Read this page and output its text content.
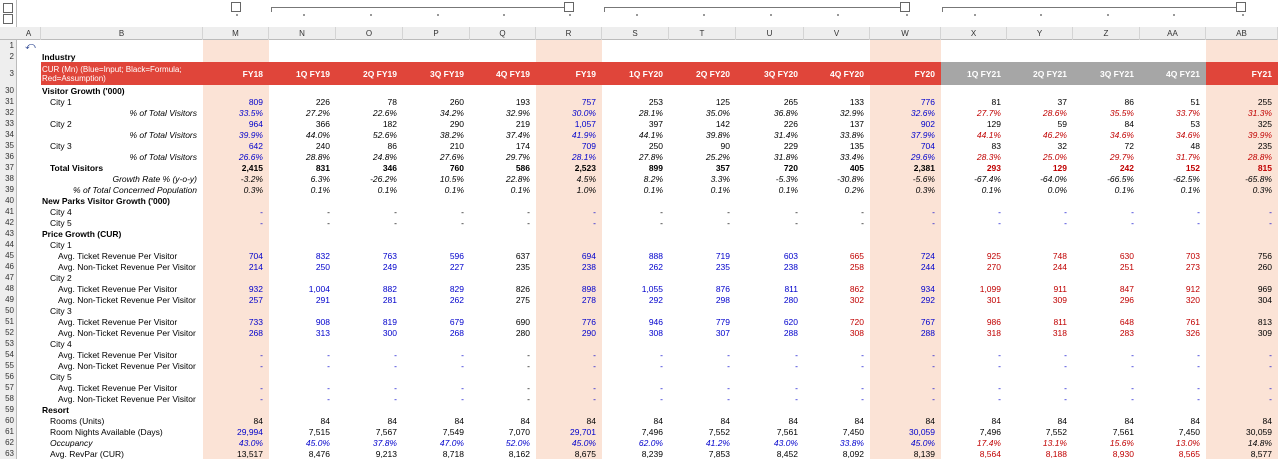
A	B	M	N	O	P	Q	R	S	T	U	V	W	X	Y	Z	AA	AB
1	⤺
2	Industry
3	CUR (Mn) (Blue=Input; Black=Formula; Red=Assumption)	FY18	1Q FY19	2Q FY19	3Q FY19	4Q FY19	FY19	1Q FY20	2Q FY20	3Q FY20	4Q FY20	FY20	1Q FY21	2Q FY21	3Q FY21	4Q FY21	FY21
30	Visitor Growth ('000)
31	City 1	809	226	78	260	193	757	253	125	265	133	776	81	37	86	51	255
32	% of Total Visitors	33.5%	27.2%	22.6%	34.2%	32.9%	30.0%	28.1%	35.0%	36.8%	32.9%	32.6%	27.7%	28.6%	35.5%	33.7%	31.3%
33	City 2	964	366	182	290	219	1,057	397	142	226	137	902	129	59	84	53	325
34	% of Total Visitors	39.9%	44.0%	52.6%	38.2%	37.4%	41.9%	44.1%	39.8%	31.4%	33.8%	37.9%	44.1%	46.2%	34.6%	34.6%	39.9%
35	City 3	642	240	86	210	174	709	250	90	229	135	704	83	32	72	48	235
36	% of Total Visitors	26.6%	28.8%	24.8%	27.6%	29.7%	28.1%	27.8%	25.2%	31.8%	33.4%	29.6%	28.3%	25.0%	29.7%	31.7%	28.8%
37	Total Visitors	2,415	831	346	760	586	2,523	899	357	720	405	2,381	293	129	242	152	815
38	Growth Rate % (y-o-y)	-3.2%	6.3%	-26.2%	10.5%	22.8%	4.5%	8.2%	3.3%	-5.3%	-30.8%	-5.6%	-67.4%	-64.0%	-66.5%	-62.5%	-65.8%
39	% of Total Concerned Population	0.3%	0.1%	0.1%	0.1%	0.1%	1.0%	0.1%	0.1%	0.1%	0.2%	0.3%	0.1%	0.0%	0.1%	0.1%	0.3%
40	New Parks Visitor Growth ('000)
41	City 4	-	-	-	-	-	-	-	-	-	-	-	-	-	-	-	-
42	City 5	-	-	-	-	-	-	-	-	-	-	-	-	-	-	-	-
43	Price Growth (CUR)
44	City 1
45	Avg. Ticket Revenue Per Visitor	704	832	763	596	637	694	888	719	603	665	724	925	748	630	703	756
46	Avg. Non-Ticket Revenue Per Visitor	214	250	249	227	235	238	262	235	238	258	244	270	244	251	273	260
47	City 2
48	Avg. Ticket Revenue Per Visitor	932	1,004	882	829	826	898	1,055	876	811	862	934	1,099	911	847	912	969
49	Avg. Non-Ticket Revenue Per Visitor	257	291	281	262	275	278	292	298	280	302	292	301	309	296	320	304
50	City 3
51	Avg. Ticket Revenue Per Visitor	733	908	819	679	690	776	946	779	620	720	767	986	811	648	761	813
52	Avg. Non-Ticket Revenue Per Visitor	268	313	300	268	280	290	308	307	288	308	288	318	318	283	326	309
53	City 4
54	Avg. Ticket Revenue Per Visitor	-	-	-	-	-	-	-	-	-	-	-	-	-	-	-	-
55	Avg. Non-Ticket Revenue Per Visitor	-	-	-	-	-	-	-	-	-	-	-	-	-	-	-	-
56	City 5
57	Avg. Ticket Revenue Per Visitor	-	-	-	-	-	-	-	-	-	-	-	-	-	-	-	-
58	Avg. Non-Ticket Revenue Per Visitor	-	-	-	-	-	-	-	-	-	-	-	-	-	-	-	-
59	Resort
60	Rooms (Units)	84	84	84	84	84	84	84	84	84	84	84	84	84	84	84	84
61	Room Nights Available (Days)	29,994	7,515	7,567	7,549	7,070	29,701	7,496	7,552	7,561	7,450	30,059	7,496	7,552	7,561	7,450	30,059
62	Occupancy	43.0%	45.0%	37.8%	47.0%	52.0%	45.0%	62.0%	41.2%	43.0%	33.8%	45.0%	17.4%	13.1%	15.6%	13.0%	14.8%
63	Avg. RevPar (CUR)	13,517	8,476	9,213	8,718	8,162	8,675	8,239	7,853	8,452	8,092	8,139	8,564	8,188	8,930	8,565	8,577
